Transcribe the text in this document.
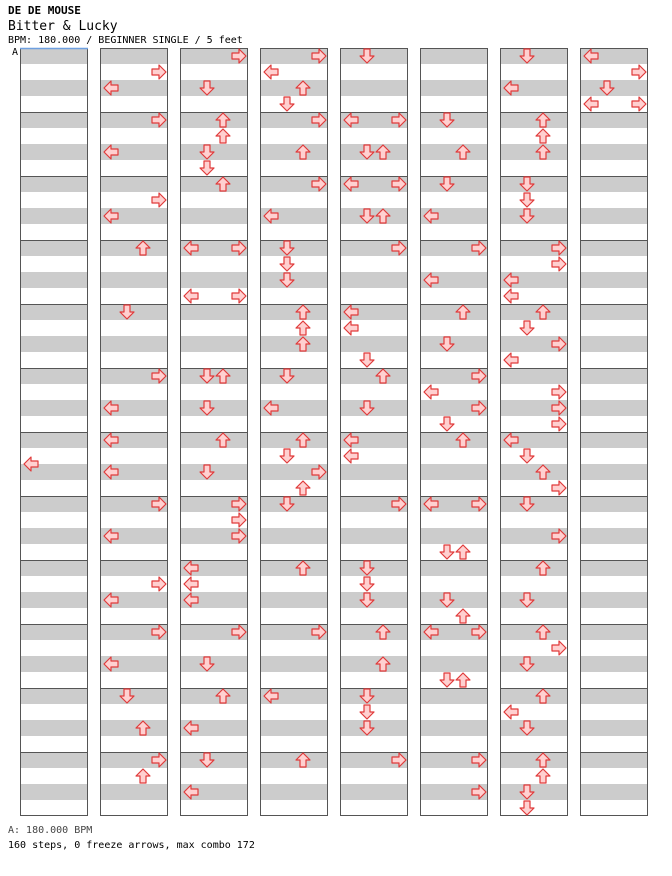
DE DE MOUSE
Bitter & Lucky
BPM: 180.000 / BEGINNER SINGLE / 5 feet
A
A: 180.000 BPM
160 steps, 0 freeze arrows, max combo 172
